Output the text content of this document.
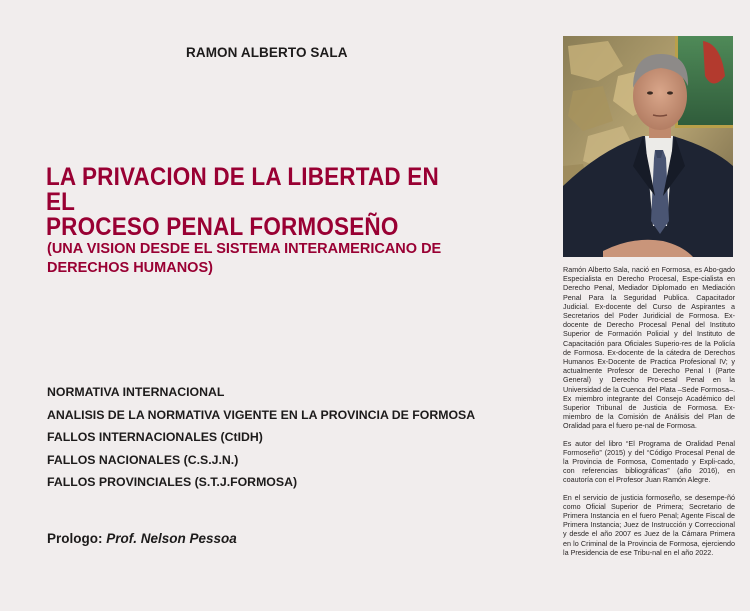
RAMON ALBERTO SALA
LA PRIVACION DE LA LIBERTAD EN EL
PROCESO PENAL FORMOSEÑO
(UNA VISION DESDE EL SISTEMA INTERAMERICANO DE
DERECHOS HUMANOS)
NORMATIVA INTERNACIONAL
ANALISIS DE LA NORMATIVA VIGENTE EN LA PROVINCIA DE FORMOSA
FALLOS INTERNACIONALES (CtIDH)
FALLOS NACIONALES (C.S.J.N.)
FALLOS PROVINCIALES (S.T.J.FORMOSA)
Prologo: Prof. Nelson Pessoa

Ramón Alberto Sala, nació en Formosa, es Abo-gado Especialista en Derecho Procesal, Espe-cialista en Derecho Penal, Mediador Diplomado en Mediación Penal Para la Seguridad Publica. Capacitador Judicial. Ex-docente del Curso de Aspirantes a Secretarios del Poder Juridicial de Formosa. Ex-docente de Derecho Procesal Penal del Instituto Superior de Formación Policial y del Instituto de Capacitación para Oficiales Superio-res de la Policía de Formosa. Ex-docente de la cátedra de Derechos Humanos Ex-Docente de Practica Profesional IV; y actualmente Profesor de Derecho Penal I (Parte General) y Derecho Pro-cesal Penal en la Universidad de la Cuenca del Plata –Sede Formosa–. Ex miembro integrante del Consejo Académico del Superior Tribunal de Justicia de Formosa. Ex- miembro de la Comisión de Análisis del Plan de Oralidad para el fuero pe-nal de Formosa.

Es autor del libro “El Programa de Oralidad Penal Formoseño” (2015) y del “Código Procesal Penal de la Provincia de Formosa, Comentado y Expli-cado, con referencias bibliográficas” (año 2016), en coautoría con el Profesor Juan Ramón Alegre.

En el servicio de justicia formoseño, se desempe-ñó como Oficial Superior de Primera; Secretario de Primera Instancia en el fuero Penal; Agente Fiscal de Primera Instancia; Juez de Instrucción y Correccional y desde el año 2007 es Juez de la Cámara Primera en lo Criminal de la Provincia de Formosa, ejerciendo la Presidencia de ese Tribu-nal en el año 2022.
